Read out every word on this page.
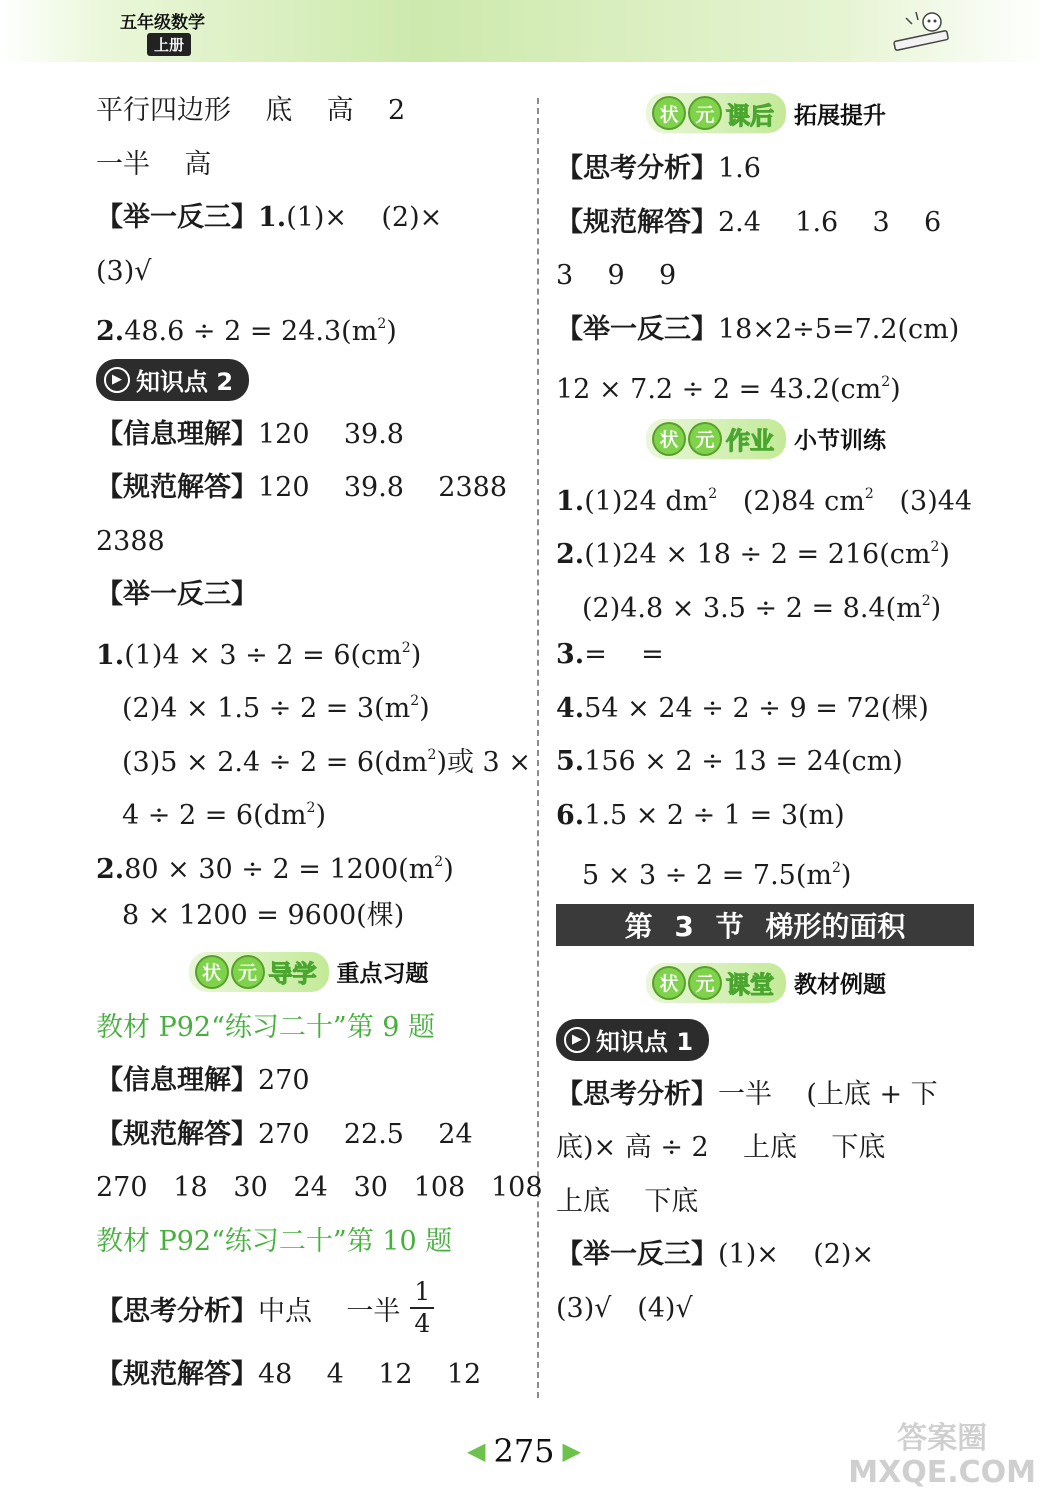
五年级数学
上册
平行四边形    底    高    2
一半    高
【举一反三】1.(1)×    (2)×
(3)√
$2.48.6 \div 2 = 24.3(m^2)$
▶ 知识点 2
【信息理解】120    39.8
【规范解答】120    39.8    2388
2388
【举一反三】
$1.(1)4 \times 3 \div 2 = 6(cm^2)$
$(2)4 \times 1.5 \div 2 = 3(m^2)$
$(3)5 \times 2.4 \div 2 = 6(dm^2)$或 3 ×
$4 \div 2 = 6(dm^2)$
$2.80 \times 30 \div 2 = 1200(m^2)$
8 × 1200 = 9600(棵)
状 元 导学 重点习题
教材 P92“练习二十”第 9 题
【信息理解】270
【规范解答】270    22.5    24
270   18   30   24   30   108   108
教材 P92“练习二十”第 10 题
【思考分析】 中点    一半 $\frac{1}{4}$
【规范解答】48    4    12    12
状 元 课后 拓展提升
【思考分析】1.6
【规范解答】2.4    1.6    3    6
3    9    9
【举一反三】18×2÷5=7.2(cm)
$12 \times 7.2 \div 2 = 43.2(cm^2)$
状 元 作业 小节训练
1.(1)24 $dm^2$   (2)84 $cm^2$   (3)44
$2.(1)24 \times 18 \div 2 = 216(cm^2)$
$(2)4.8 \times 3.5 \div 2 = 8.4(m^2)$
3.=    =
4.54 × 24 ÷ 2 ÷ 9 = 72(棵)
5.156 × 2 ÷ 13 = 24(cm)
6.1.5 × 2 ÷ 1 = 3(m)
$5 \times 3 \div 2 = 7.5(m^2)$
第 3 节 梯形的面积
状 元 课堂 教材例题
▶ 知识点 1
【思考分析】一半    (上底 + 下
底)× 高 ÷ 2    上底    下底
上底    下底
【举一反三】(1)×    (2)×
(3)√   (4)√
◀ 275 ▶	答案圈
MXQE.COM
